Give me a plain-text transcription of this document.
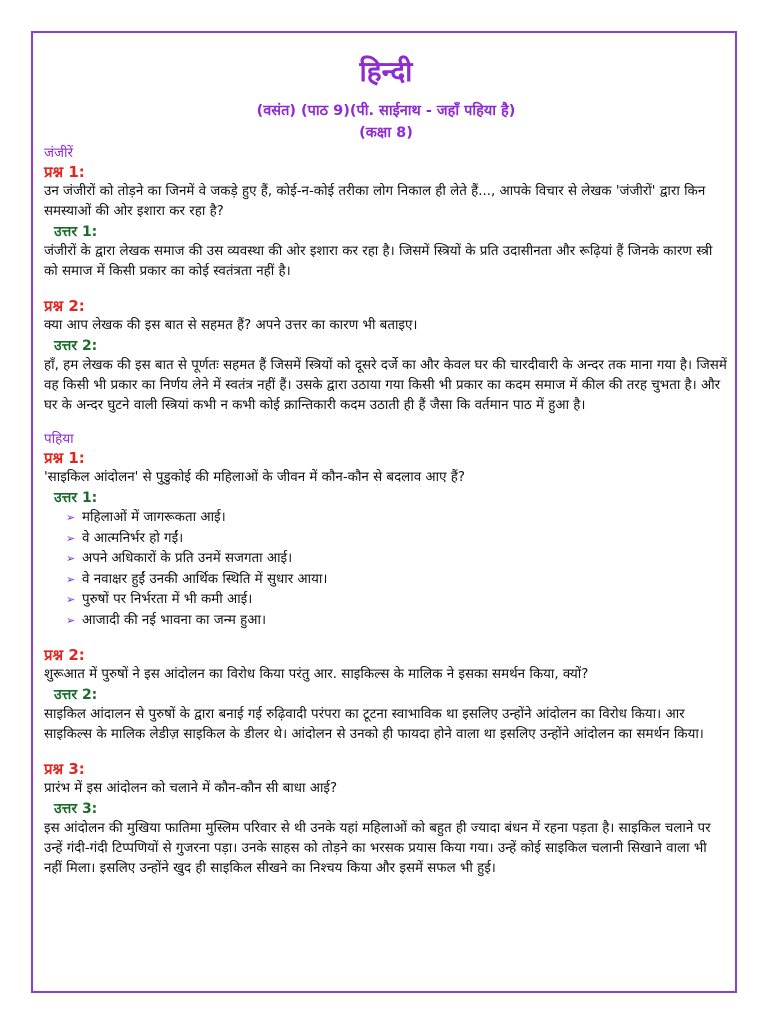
हिन्दी

(वसंत) (पाठ 9)(पी. साईनाथ - जहाँ पहिया है)

(कक्षा 8)

जंजीरें

प्रश्न 1:

उन जंजीरों को तोड़ने का जिनमें वे जकड़े हुए हैं, कोई-न-कोई तरीका लोग निकाल ही लेते हैं..., आपके विचार से लेखक 'जंजीरों' द्वारा किन समस्याओं की ओर इशारा कर रहा है?

उत्तर 1:

जंजीरों के द्वारा लेखक समाज की उस व्यवस्था की ओर इशारा कर रहा है। जिसमें स्त्रियों के प्रति उदासीनता और रूढ़ियां हैं जिनके कारण स्त्री को समाज में किसी प्रकार का कोई स्वतंत्रता नहीं है।

प्रश्न 2:

क्या आप लेखक की इस बात से सहमत हैं? अपने उत्तर का कारण भी बताइए।

उत्तर 2:

हाँ, हम लेखक की इस बात से पूर्णतः सहमत हैं जिसमें स्त्रियों को दूसरे दर्जे का और केवल घर की चारदीवारी के अन्दर तक माना गया है। जिसमें वह किसी भी प्रकार का निर्णय लेने में स्वतंत्र नहीं हैं। उसके द्वारा उठाया गया किसी भी प्रकार का कदम समाज में कील की तरह चुभता है। और घर के अन्दर घुटने वाली स्त्रियां कभी न कभी कोई क्रान्तिकारी कदम उठाती ही हैं जैसा कि वर्तमान पाठ में हुआ है।

पहिया

प्रश्न 1:

'साइकिल आंदोलन' से पुडुकोई की महिलाओं के जीवन में कौन-कौन से बदलाव आए हैं?

उत्तर 1:

➢ महिलाओं में जागरूकता आई।
➢ वे आत्मनिर्भर हो गईं।
➢ अपने अधिकारों के प्रति उनमें सजगता आई।
➢ वे नवाक्षर हुईं उनकी आर्थिक स्थिति में सुधार आया।
➢ पुरुषों पर निर्भरता में भी कमी आई।
➢ आजादी की नई भावना का जन्म हुआ।

प्रश्न 2:

शुरूआत में पुरुषों ने इस आंदोलन का विरोध किया परंतु आर. साइकिल्स के मालिक ने इसका समर्थन किया, क्यों?

उत्तर 2:

साइकिल आंदालन से पुरुषों के द्वारा बनाई गई रुढ़िवादी परंपरा का टूटना स्वाभाविक था इसलिए उन्होंने आंदोलन का विरोध किया। आर साइकिल्स के मालिक लेडीज़ साइकिल के डीलर थे। आंदोलन से उनको ही फायदा होने वाला था इसलिए उन्होंने आंदोलन का समर्थन किया।

प्रश्न 3:

प्रारंभ में इस आंदोलन को चलाने में कौन-कौन सी बाधा आई?

उत्तर 3:

इस आंदोलन की मुखिया फातिमा मुस्लिम परिवार से थी उनके यहां महिलाओं को बहुत ही ज्यादा बंधन में रहना पड़ता है। साइकिल चलाने पर उन्हें गंदी-गंदी टिप्पणियों से गुजरना पड़ा। उनके साहस को तोड़ने का भरसक प्रयास किया गया। उन्हें कोई साइकिल चलानी सिखाने वाला भी नहीं मिला। इसलिए उन्होंने खुद ही साइकिल सीखने का निश्चय किया और इसमें सफल भी हुई।
